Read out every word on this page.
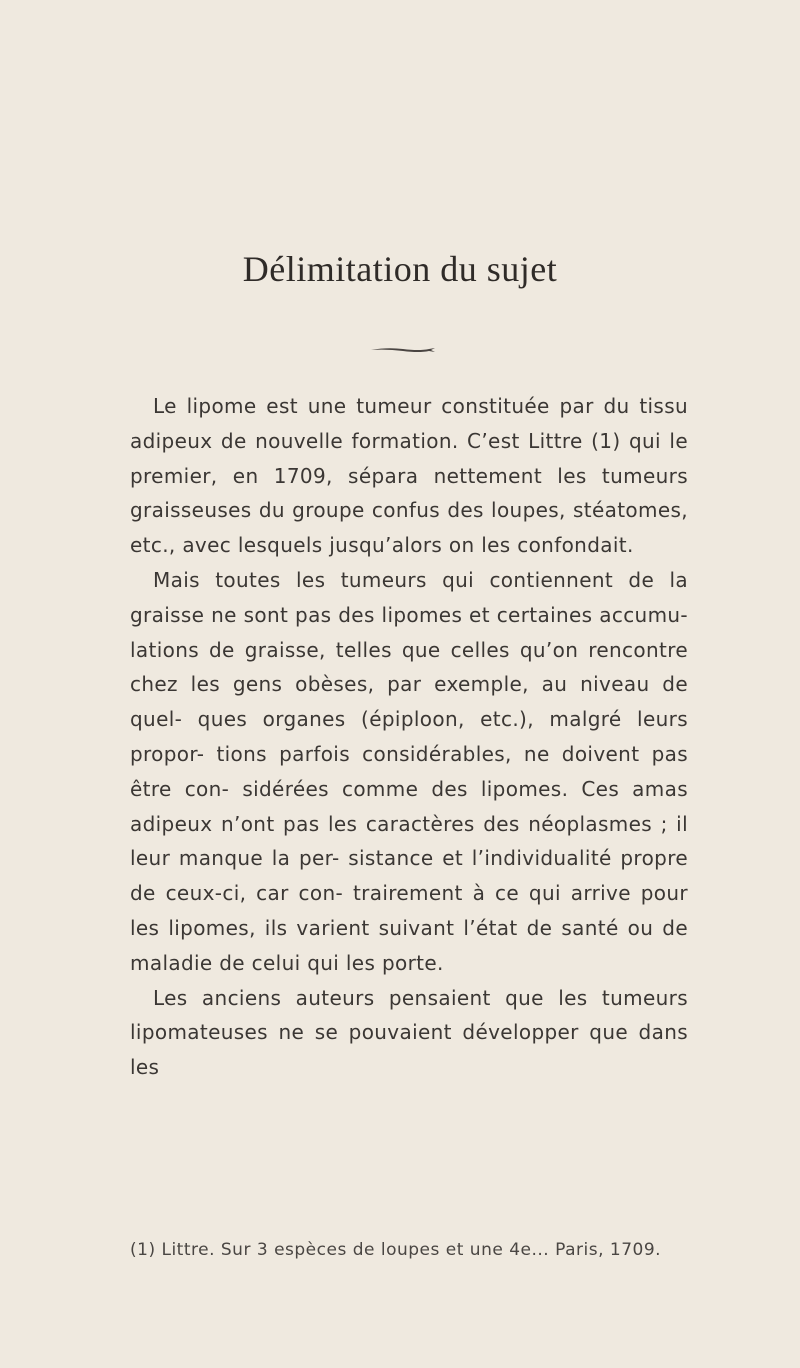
Délimitation du sujet

Le lipome est une tumeur constituée par du tissu adipeux de nouvelle formation. C’est Littre (1) qui le premier, en 1709, sépara nettement les tumeurs graisseuses du groupe confus des loupes, stéatomes, etc., avec lesquels jusqu’alors on les confondait.

Mais toutes les tumeurs qui contiennent de la graisse ne sont pas des lipomes et certaines accumu- lations de graisse, telles que celles qu’on rencontre chez les gens obèses, par exemple, au niveau de quel- ques organes (épiploon, etc.), malgré leurs propor- tions parfois considérables, ne doivent pas être con- sidérées comme des lipomes. Ces amas adipeux n’ont pas les caractères des néoplasmes ; il leur manque la per- sistance et l’individualité propre de ceux-ci, car con- trairement à ce qui arrive pour les lipomes, ils varient suivant l’état de santé ou de maladie de celui qui les porte.

Les anciens auteurs pensaient que les tumeurs lipomateuses ne se pouvaient développer que dans les

(1) Littre. Sur 3 espèces de loupes et une 4e... Paris, 1709.
